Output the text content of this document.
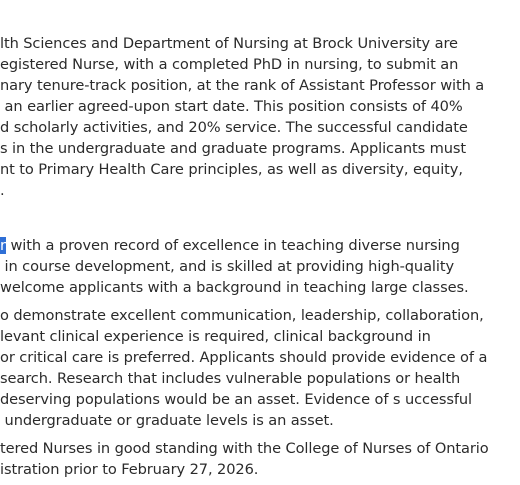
lth Sciences and Department of Nursing at Brock University are
egistered Nurse, with a completed PhD in nursing, to submit an
nary tenure-track position, at the rank of Assistant Professor with a
an earlier agreed-upon start date. This position consists of 40%
d scholarly activities, and 20% service. The successful candidate
s in the undergraduate and graduate programs. Applicants must
nt to Primary Health Care principles, as well as diversity, equity,
.
r with a proven record of excellence in teaching diverse nursing
in course development, and is skilled at providing high-quality
welcome applicants with a background in teaching large classes.
o demonstrate excellent communication, leadership, collaboration,
levant clinical experience is required, clinical background in
or critical care is preferred. Applicants should provide evidence of a
search. Research that includes vulnerable populations or health
deserving populations would be an asset. Evidence of s uccessful
undergraduate or graduate levels is an asset.
tered Nurses in good standing with the College of Nurses of Ontario
istration prior to February 27, 2026.
